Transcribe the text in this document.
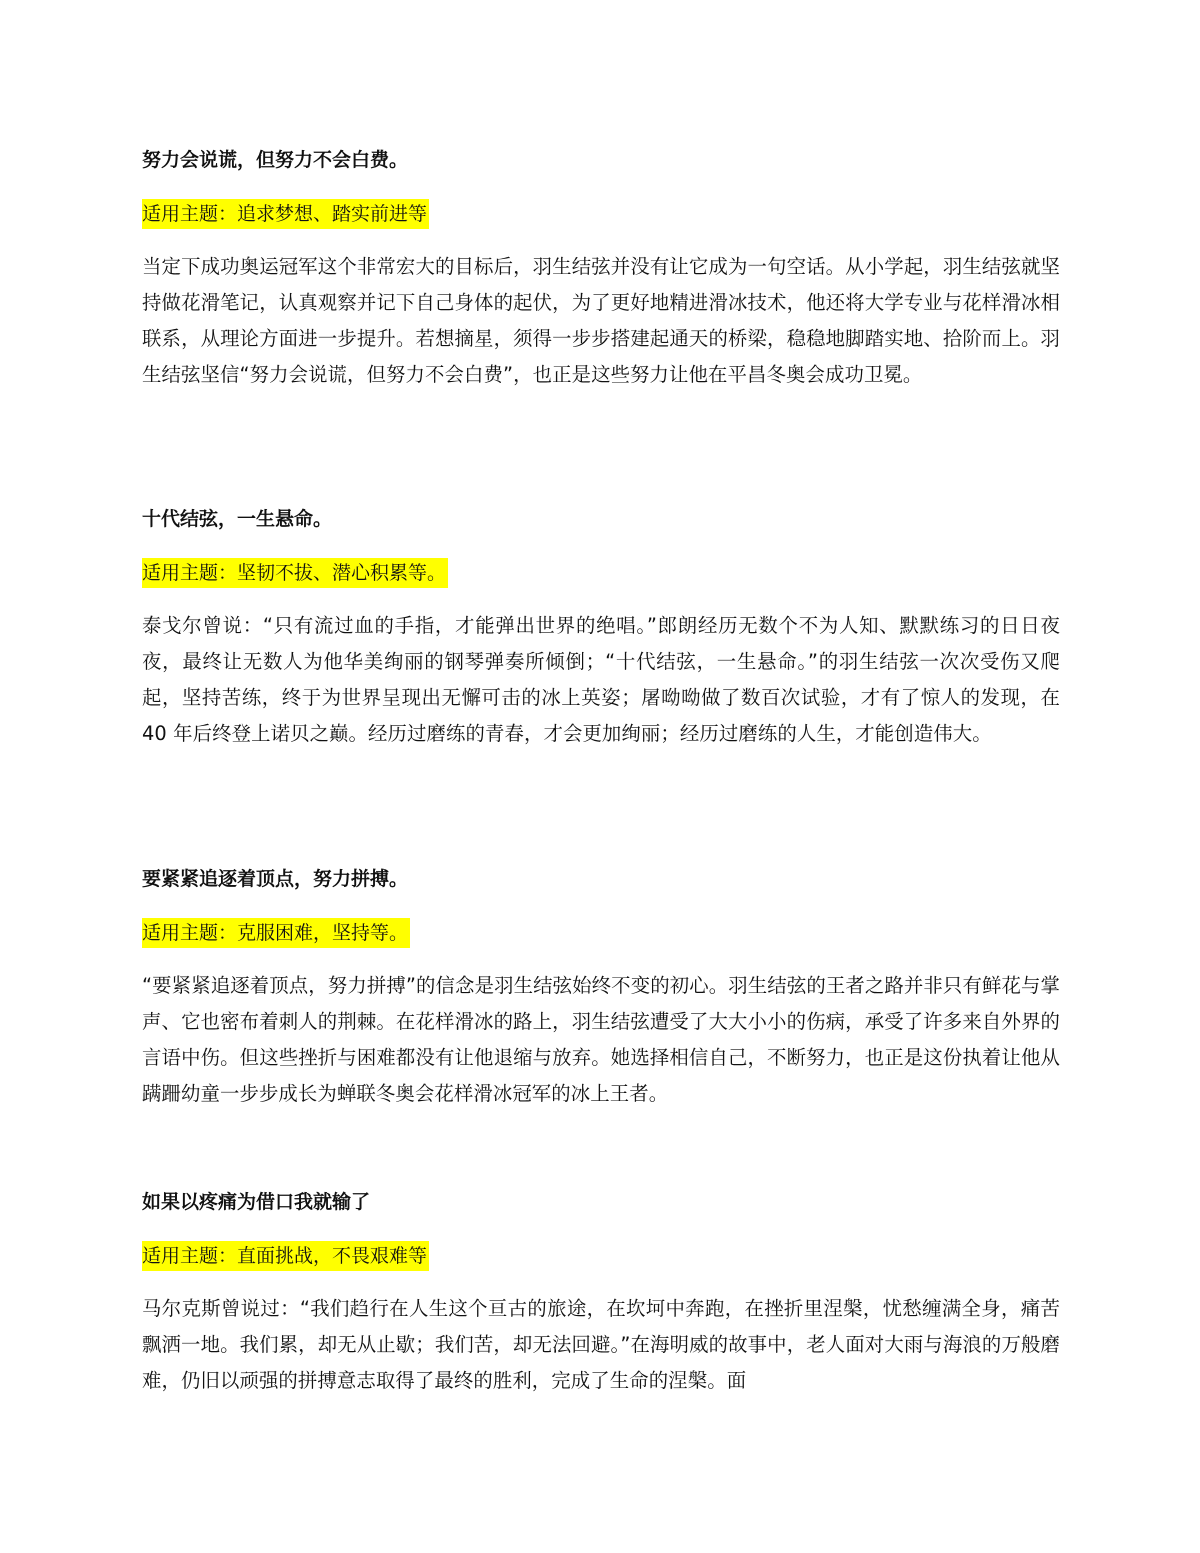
努力会说谎，但努力不会白费。

适用主题：追求梦想、踏实前进等

当定下成功奥运冠军这个非常宏大的目标后，羽生结弦并没有让它成为一句空话。从小学起，羽生结弦就坚持做花滑笔记，认真观察并记下自己身体的起伏，为了更好地精进滑冰技术，他还将大学专业与花样滑冰相联系，从理论方面进一步提升。若想摘星，须得一步步搭建起通天的桥梁，稳稳地脚踏实地、拾阶而上。羽生结弦坚信“努力会说谎，但努力不会白费”，也正是这些努力让他在平昌冬奥会成功卫冕。

十代结弦，一生悬命。

适用主题：坚韧不拔、潜心积累等。

泰戈尔曾说：“只有流过血的手指，才能弹出世界的绝唱。”郎朗经历无数个不为人知、默默练习的日日夜夜，最终让无数人为他华美绚丽的钢琴弹奏所倾倒；“十代结弦，一生悬命。”的羽生结弦一次次受伤又爬起，坚持苦练，终于为世界呈现出无懈可击的冰上英姿；屠呦呦做了数百次试验，才有了惊人的发现，在 40 年后终登上诺贝之巅。经历过磨练的青春，才会更加绚丽；经历过磨练的人生，才能创造伟大。

要紧紧追逐着顶点，努力拼搏。

适用主题：克服困难，坚持等。

“要紧紧追逐着顶点，努力拼搏”的信念是羽生结弦始终不变的初心。羽生结弦的王者之路并非只有鲜花与掌声、它也密布着刺人的荆棘。在花样滑冰的路上，羽生结弦遭受了大大小小的伤病，承受了许多来自外界的言语中伤。但这些挫折与困难都没有让他退缩与放弃。她选择相信自己，不断努力，也正是这份执着让他从蹒跚幼童一步步成长为蝉联冬奥会花样滑冰冠军的冰上王者。

如果以疼痛为借口我就输了

适用主题：直面挑战，不畏艰难等

马尔克斯曾说过：“我们趋行在人生这个亘古的旅途，在坎坷中奔跑，在挫折里涅槃，忧愁缠满全身，痛苦飘洒一地。我们累，却无从止歇；我们苦，却无法回避。”在海明威的故事中，老人面对大雨与海浪的万般磨难，仍旧以顽强的拼搏意志取得了最终的胜利，完成了生命的涅槃。面
